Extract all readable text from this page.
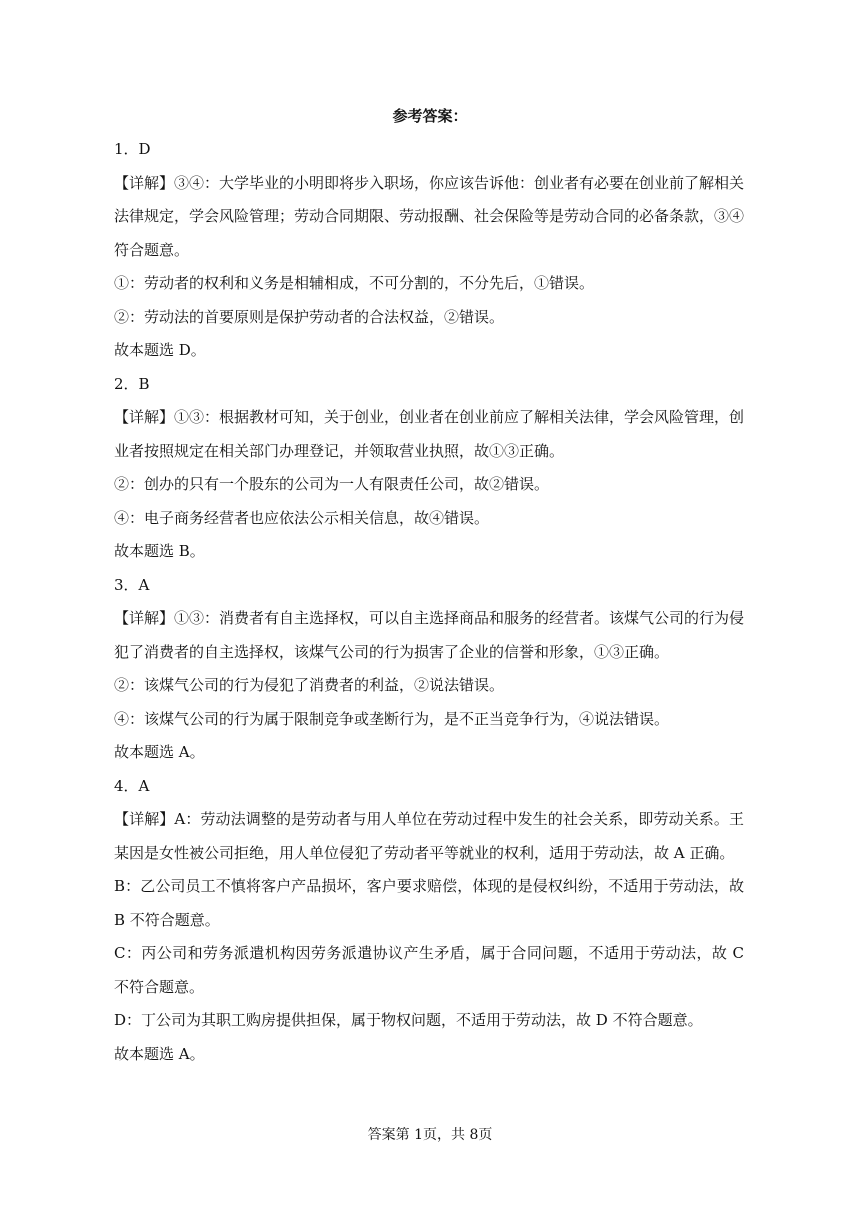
参考答案：

1．D

【详解】③④：大学毕业的小明即将步入职场，你应该告诉他：创业者有必要在创业前了解相关法律规定，学会风险管理；劳动合同期限、劳动报酬、社会保险等是劳动合同的必备条款，③④符合题意。

①：劳动者的权利和义务是相辅相成，不可分割的，不分先后，①错误。

②：劳动法的首要原则是保护劳动者的合法权益，②错误。

故本题选 D。

2．B

【详解】①③：根据教材可知，关于创业，创业者在创业前应了解相关法律，学会风险管理，创业者按照规定在相关部门办理登记，并领取营业执照，故①③正确。

②：创办的只有一个股东的公司为一人有限责任公司，故②错误。

④：电子商务经营者也应依法公示相关信息，故④错误。

故本题选 B。

3．A

【详解】①③：消费者有自主选择权，可以自主选择商品和服务的经营者。该煤气公司的行为侵犯了消费者的自主选择权，该煤气公司的行为损害了企业的信誉和形象，①③正确。

②：该煤气公司的行为侵犯了消费者的利益，②说法错误。

④：该煤气公司的行为属于限制竞争或垄断行为，是不正当竞争行为，④说法错误。

故本题选 A。

4．A

【详解】A：劳动法调整的是劳动者与用人单位在劳动过程中发生的社会关系，即劳动关系。王某因是女性被公司拒绝，用人单位侵犯了劳动者平等就业的权利，适用于劳动法，故 A 正确。

B：乙公司员工不慎将客户产品损坏，客户要求赔偿，体现的是侵权纠纷，不适用于劳动法，故 B 不符合题意。

C：丙公司和劳务派遣机构因劳务派遣协议产生矛盾，属于合同问题，不适用于劳动法，故 C 不符合题意。

D：丁公司为其职工购房提供担保，属于物权问题，不适用于劳动法，故 D 不符合题意。

故本题选 A。

答案第 1页，共 8页
